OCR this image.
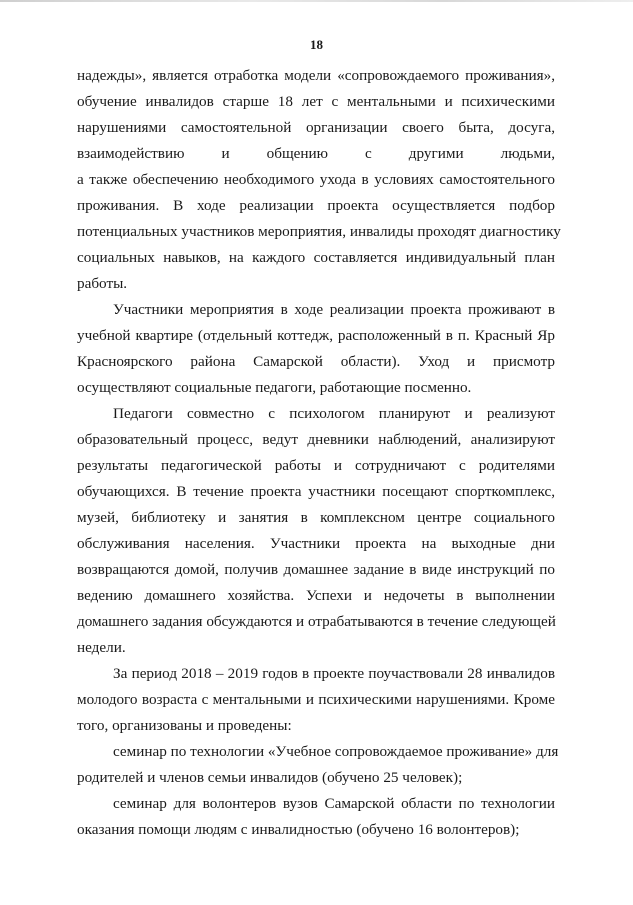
18
надежды», является отработка модели «сопровождаемого проживания»,
обучение инвалидов старше 18 лет с ментальными и психическими
нарушениями самостоятельной организации своего быта, досуга,
взаимодействию и общению с другими людьми,
а также обеспечению необходимого ухода в условиях самостоятельного
проживания. В ходе реализации проекта осуществляется подбор
потенциальных участников мероприятия, инвалиды проходят диагностику
социальных навыков, на каждого составляется индивидуальный план
работы.
Участники мероприятия в ходе реализации проекта проживают в
учебной квартире (отдельный коттедж, расположенный в п. Красный Яр
Красноярского района Самарской области). Уход и присмотр
осуществляют социальные педагоги, работающие посменно.
Педагоги совместно с психологом планируют и реализуют
образовательный процесс, ведут дневники наблюдений, анализируют
результаты педагогической работы и сотрудничают с родителями
обучающихся. В течение проекта участники посещают спорткомплекс,
музей, библиотеку и занятия в комплексном центре социального
обслуживания населения. Участники проекта на выходные дни
возвращаются домой, получив домашнее задание в виде инструкций по
ведению домашнего хозяйства. Успехи и недочеты в выполнении
домашнего задания обсуждаются и отрабатываются в течение следующей
недели.
За период 2018 – 2019 годов в проекте поучаствовали 28 инвалидов
молодого возраста с ментальными и психическими нарушениями. Кроме
того, организованы и проведены:
семинар по технологии «Учебное сопровождаемое проживание» для
родителей и членов семьи инвалидов (обучено 25 человек);
семинар для волонтеров вузов Самарской области по технологии
оказания помощи людям с инвалидностью (обучено 16 волонтеров);
